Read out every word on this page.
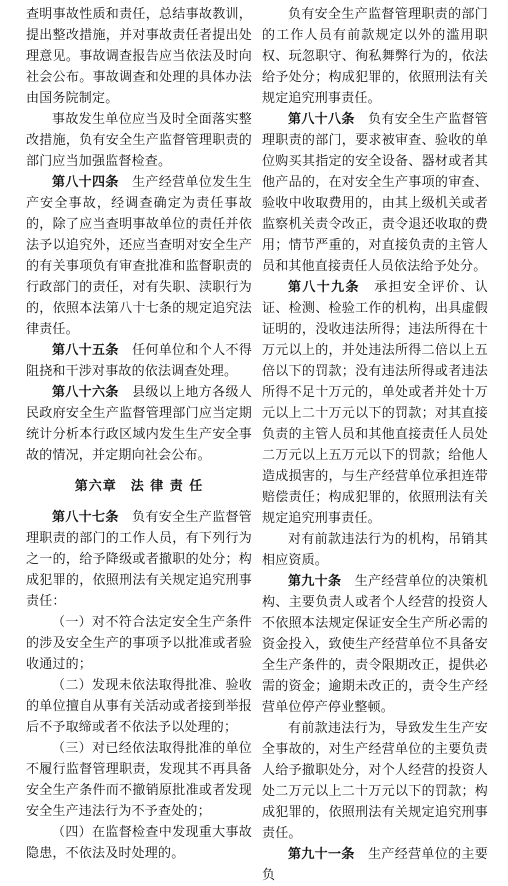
查明事故性质和责任，总结事故教训，提出整改措施，并对事故责任者提出处理意见。事故调查报告应当依法及时向社会公布。事故调查和处理的具体办法由国务院制定。

事故发生单位应当及时全面落实整改措施，负有安全生产监督管理职责的部门应当加强监督检查。

第八十四条　 生产经营单位发生生产安全事故，经调查确定为责任事故的，除了应当查明事故单位的责任并依法予以追究外，还应当查明对安全生产的有关事项负有审查批准和监督职责的行政部门的责任，对有失职、渎职行为的，依照本法第八十七条的规定追究法律责任。

第八十五条　 任何单位和个人不得阻挠和干涉对事故的依法调查处理。

第八十六条　 县级以上地方各级人民政府安全生产监督管理部门应当定期统计分析本行政区域内发生生产安全事故的情况，并定期向社会公布。

第六章　法 律 责 任

第八十七条　 负有安全生产监督管理职责的部门的工作人员，有下列行为之一的，给予降级或者撤职的处分；构成犯罪的，依照刑法有关规定追究刑事责任：

（一）对不符合法定安全生产条件的涉及安全生产的事项予以批准或者验收通过的；

（二）发现未依法取得批准、验收的单位擅自从事有关活动或者接到举报后不予取缔或者不依法予以处理的；

（三）对已经依法取得批准的单位不履行监督管理职责，发现其不再具备安全生产条件而不撤销原批准或者发现安全生产违法行为不予查处的；

（四）在监督检查中发现重大事故隐患，不依法及时处理的。

负有安全生产监督管理职责的部门的工作人员有前款规定以外的滥用职权、玩忽职守、徇私舞弊行为的，依法给予处分；构成犯罪的，依照刑法有关规定追究刑事责任。

第八十八条　 负有安全生产监督管理职责的部门，要求被审查、验收的单位购买其指定的安全设备、器材或者其他产品的，在对安全生产事项的审查、验收中收取费用的，由其上级机关或者监察机关责令改正，责令退还收取的费用；情节严重的，对直接负责的主管人员和其他直接责任人员依法给予处分。

第八十九条　 承担安全评价、认证、检测、检验工作的机构，出具虚假证明的，没收违法所得；违法所得在十万元以上的，并处违法所得二倍以上五倍以下的罚款；没有违法所得或者违法所得不足十万元的，单处或者并处十万元以上二十万元以下的罚款；对其直接负责的主管人员和其他直接责任人员处二万元以上五万元以下的罚款；给他人造成损害的，与生产经营单位承担连带赔偿责任；构成犯罪的，依照刑法有关规定追究刑事责任。

对有前款违法行为的机构，吊销其相应资质。

第九十条　 生产经营单位的决策机构、主要负责人或者个人经营的投资人不依照本法规定保证安全生产所必需的资金投入，致使生产经营单位不具备安全生产条件的，责令限期改正，提供必需的资金；逾期未改正的，责令生产经营单位停产停业整顿。

有前款违法行为，导致发生生产安全事故的，对生产经营单位的主要负责人给予撤职处分，对个人经营的投资人处二万元以上二十万元以下的罚款；构成犯罪的，依照刑法有关规定追究刑事责任。

第九十一条　 生产经营单位的主要负
